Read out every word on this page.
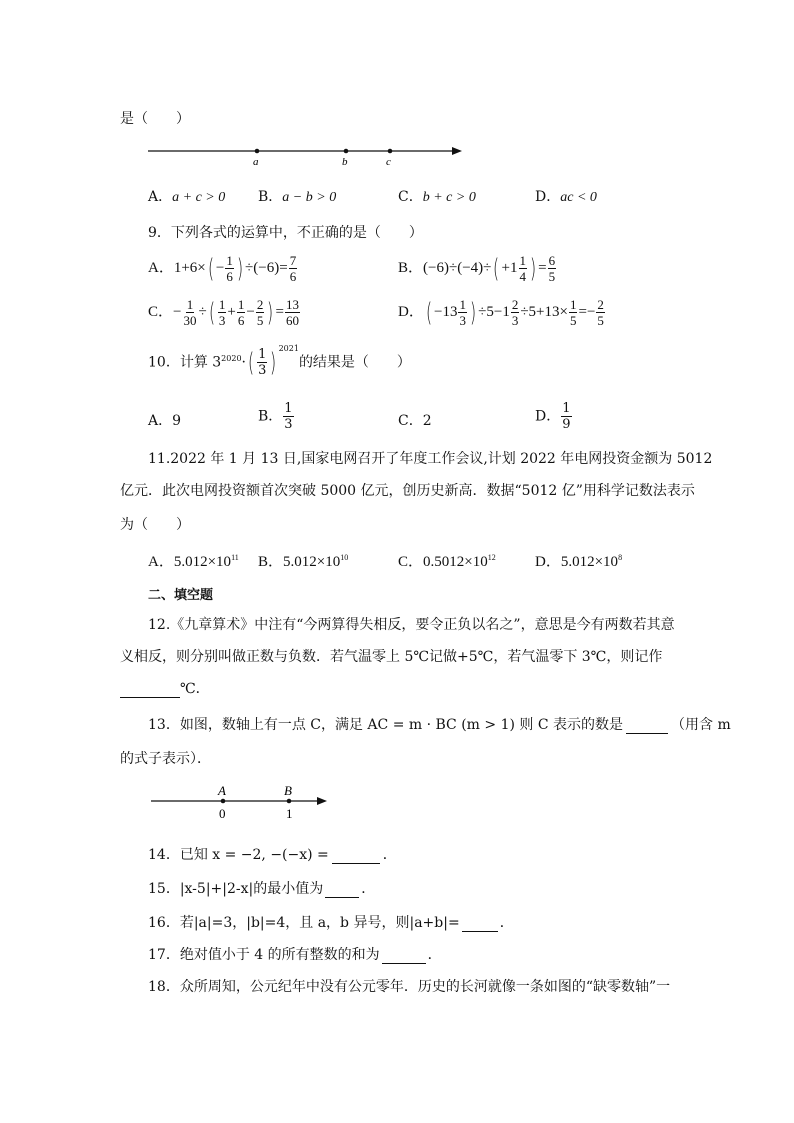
是（　　）
a	b	c
A．a + c > 0 B．a − b > 0	C．b + c > 0	D．ac < 0
9．下列各式的运算中，不正确的是（　　）
A．$1+6\times( - \frac{1}{6}$ ) $\div(-6)= \frac{7}{6}$	B．$(-6)\div(-4)\div( +1 \frac{1}{4}$ ) = $\frac{6}{5}$
C．− $\frac{1}{30}$ ÷( $\frac{1}{3} + \frac{1}{6} - \frac{2}{5}$ ) = $\frac{13}{60}$	D．( $-13 \frac{1}{3}$ ) $\div 5-1 \frac{2}{3} \div 5+13\times \frac{1}{5} =- \frac{2}{5}$
10．计算 $3^{2020}\cdot( \frac{1}{3}$ ) $^{2021}$的结果是（　　）
A．9	B． $\frac{1}{3}$	C．2	D． $\frac{1}{9}$
11.2022 年 1 月 13 日,国家电网召开了年度工作会议,计划 2022 年电网投资金额为 5012
亿元．此次电网投资额首次突破 5000 亿元，创历史新高．数据“5012 亿”用科学记数法表示
为（　　）
A．$5.012\times 10^{11}$ B．$5.012\times 10^{10}$	C．$0.5012\times 10^{12}$	D．$5.012\times 10^8$
二、填空题
12.《九章算术》中注有“今两算得失相反，要令正负以名之”，意思是今有两数若其意
义相反，则分别叫做正数与负数．若气温零上 5℃记做+5℃，若气温零下 3℃，则记作
℃．
13．如图，数轴上有一点 C，满足 AC = m · BC (m > 1) 则 C 表示的数是	（用含 m
的式子表示）．
A	B
0	1
14．已知 x = −2, −(−x) =	．
15．|x-5|+|2-x|的最小值为	．
16．若|a|=3，|b|=4，且 a，b 异号，则|a+b|=	．
17．绝对值小于 4 的所有整数的和为	．
18．众所周知，公元纪年中没有公元零年．历史的长河就像一条如图的“缺零数轴”一
